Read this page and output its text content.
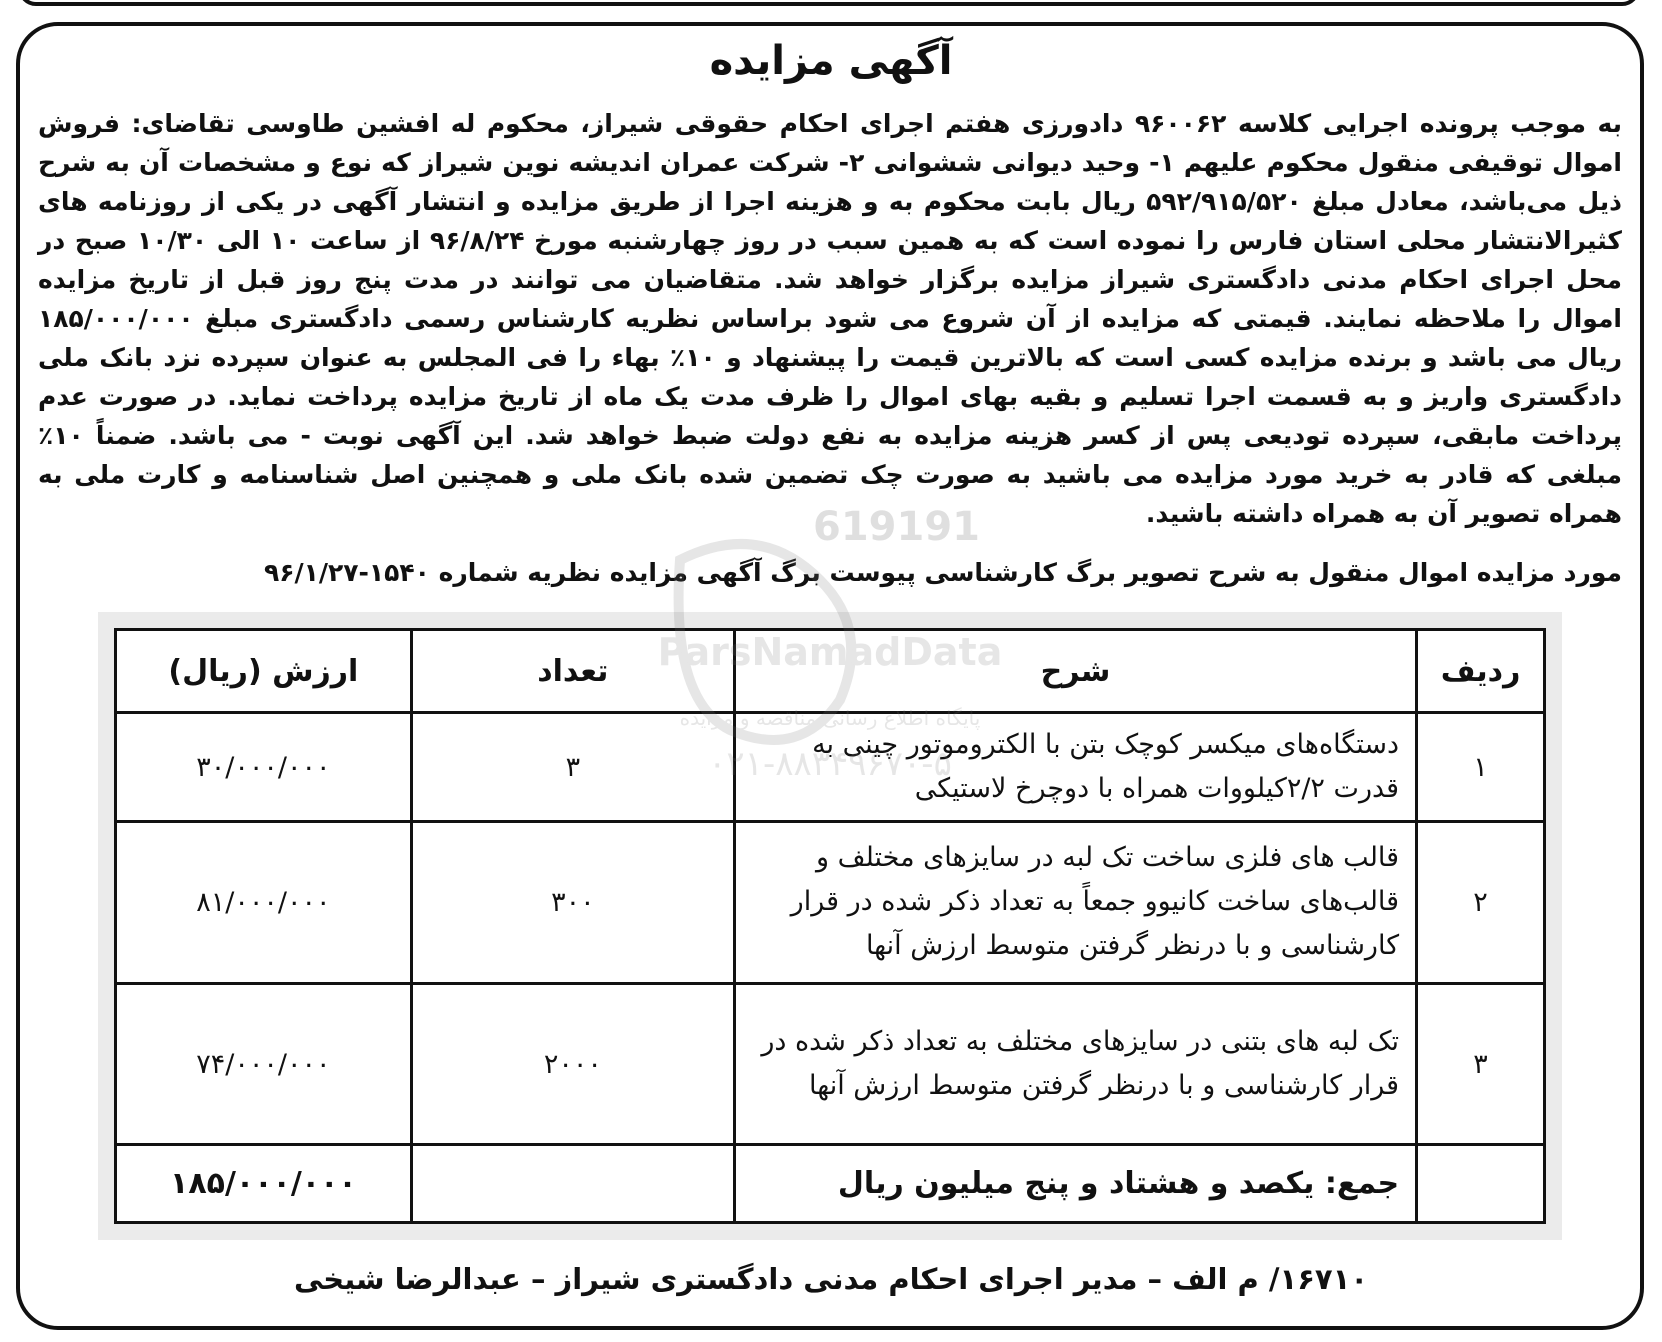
آگهی مزایده

به موجب پرونده اجرایی کلاسه ۹۶۰۰۶۲ دادورزی هفتم اجرای احکام حقوقی شیراز، محکوم له افشین طاوسی تقاضای: فروش اموال توقیفی منقول محکوم علیهم ۱- وحید دیوانی ششوانی ۲- شرکت عمران اندیشه نوین شیراز که نوع و مشخصات آن به شرح ذیل می‌باشد، معادل مبلغ ۵۹۲/۹۱۵/۵۲۰ ریال بابت محکوم به و هزینه اجرا از طریق مزایده و انتشار آگهی در یکی از روزنامه های کثیرالانتشار محلی استان فارس را نموده است که به همین سبب در روز چهارشنبه مورخ ۹۶/۸/۲۴ از ساعت ۱۰ الی ۱۰/۳۰ صبح در محل اجرای احکام مدنی دادگستری شیراز مزایده برگزار خواهد شد. متقاضیان می توانند در مدت پنج روز قبل از تاریخ مزایده اموال را ملاحظه نمایند. قیمتی که مزایده از آن شروع می شود براساس نظریه کارشناس رسمی دادگستری مبلغ ۱۸۵/۰۰۰/۰۰۰ ریال می باشد و برنده مزایده کسی است که بالاترین قیمت را پیشنهاد و ۱۰٪ بهاء را فی المجلس به عنوان سپرده نزد بانک ملی دادگستری واریز و به قسمت اجرا تسلیم و بقیه بهای اموال را ظرف مدت یک ماه از تاریخ مزایده پرداخت نماید. در صورت عدم پرداخت مابقی، سپرده تودیعی پس از کسر هزینه مزایده به نفع دولت ضبط خواهد شد. این آگهی نوبت - می باشد. ضمناً ۱۰٪ مبلغی که قادر به خرید مورد مزایده می باشید به صورت چک تضمین شده بانک ملی و همچنین اصل شناسنامه و کارت ملی به همراه تصویر آن به همراه داشته باشید.

مورد مزایده اموال منقول به شرح تصویر برگ کارشناسی پیوست برگ آگهی مزایده نظریه شماره ۱۵۴۰-۹۶/۱/۲۷
ردیف	شرح	تعداد	ارزش (ریال)
۱	دستگاه‌های میکسر کوچک بتن با الکتروموتور چینی به قدرت ۲/۲کیلووات همراه با دوچرخ لاستیکی	۳	۳۰/۰۰۰/۰۰۰
۲	قالب های فلزی ساخت تک لبه در سایزهای مختلف و قالب‌های ساخت کانیوو جمعاً به تعداد ذکر شده در قرار کارشناسی و با درنظر گرفتن متوسط ارزش آنها	۳۰۰	۸۱/۰۰۰/۰۰۰
۳	تک لبه های بتنی در سایزهای مختلف به تعداد ذکر شده در قرار کارشناسی و با درنظر گرفتن متوسط ارزش آنها	۲۰۰۰	۷۴/۰۰۰/۰۰۰
	جمع: یکصد و هشتاد و پنج میلیون ریال		۱۸۵/۰۰۰/۰۰۰
619191
۱۶۷۱۰/ م الف – مدیر اجرای احکام مدنی دادگستری شیراز – عبدالرضا شیخی
